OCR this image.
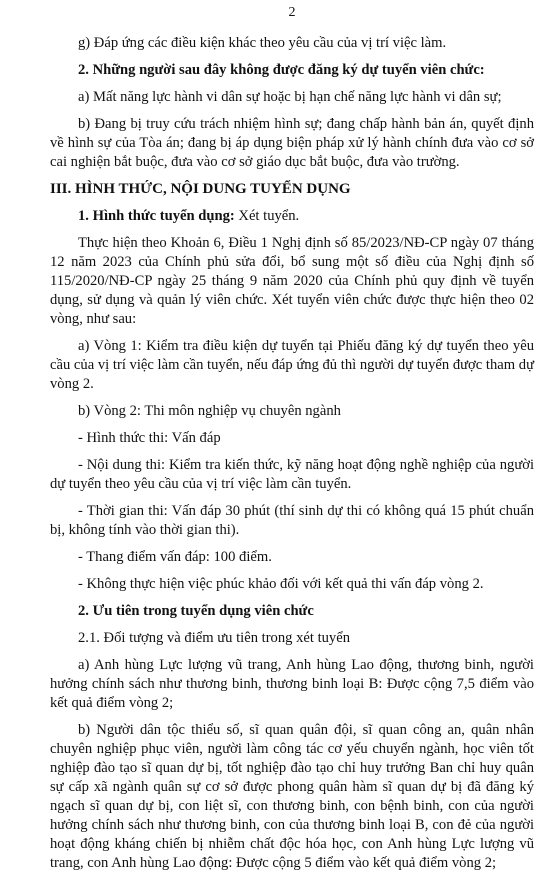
2

g) Đáp ứng các điều kiện khác theo yêu cầu của vị trí việc làm.

2. Những người sau đây không được đăng ký dự tuyển viên chức:

a) Mất năng lực hành vi dân sự hoặc bị hạn chế năng lực hành vi dân sự;

b) Đang bị truy cứu trách nhiệm hình sự; đang chấp hành bản án, quyết định về hình sự của Tòa án; đang bị áp dụng biện pháp xử lý hành chính đưa vào cơ sở cai nghiện bắt buộc, đưa vào cơ sở giáo dục bắt buộc, đưa vào trường.

III. HÌNH THỨC, NỘI DUNG TUYỂN DỤNG

1. Hình thức tuyển dụng: Xét tuyển.

Thực hiện theo Khoản 6, Điều 1 Nghị định số 85/2023/NĐ-CP ngày 07 tháng 12 năm 2023 của Chính phủ sửa đổi, bổ sung một số điều của Nghị định số 115/2020/NĐ-CP ngày 25 tháng 9 năm 2020 của Chính phủ quy định về tuyển dụng, sử dụng và quản lý viên chức. Xét tuyển viên chức được thực hiện theo 02 vòng, như sau:

a) Vòng 1: Kiểm tra điều kiện dự tuyển tại Phiếu đăng ký dự tuyển theo yêu cầu của vị trí việc làm cần tuyển, nếu đáp ứng đủ thì người dự tuyển được tham dự vòng 2.

b) Vòng 2: Thi môn nghiệp vụ chuyên ngành

- Hình thức thi: Vấn đáp

- Nội dung thi: Kiểm tra kiến thức, kỹ năng hoạt động nghề nghiệp của người dự tuyển theo yêu cầu của vị trí việc làm cần tuyển.

- Thời gian thi: Vấn đáp 30 phút (thí sinh dự thi có không quá 15 phút chuẩn bị, không tính vào thời gian thi).

- Thang điểm vấn đáp: 100 điểm.

- Không thực hiện việc phúc khảo đối với kết quả thi vấn đáp vòng 2.

2. Ưu tiên trong tuyển dụng viên chức

2.1. Đối tượng và điểm ưu tiên trong xét tuyển

a) Anh hùng Lực lượng vũ trang, Anh hùng Lao động, thương binh, người hưởng chính sách như thương binh, thương binh loại B: Được cộng 7,5 điểm vào kết quả điểm vòng 2;

b) Người dân tộc thiểu số, sĩ quan quân đội, sĩ quan công an, quân nhân chuyên nghiệp phục viên, người làm công tác cơ yếu chuyển ngành, học viên tốt nghiệp đào tạo sĩ quan dự bị, tốt nghiệp đào tạo chỉ huy trưởng Ban chỉ huy quân sự cấp xã ngành quân sự cơ sở được phong quân hàm sĩ quan dự bị đã đăng ký ngạch sĩ quan dự bị, con liệt sĩ, con thương binh, con bệnh binh, con của người hưởng chính sách như thương binh, con của thương binh loại B, con đẻ của người hoạt động kháng chiến bị nhiễm chất độc hóa học, con Anh hùng Lực lượng vũ trang, con Anh hùng Lao động: Được cộng 5 điểm vào kết quả điểm vòng 2;
